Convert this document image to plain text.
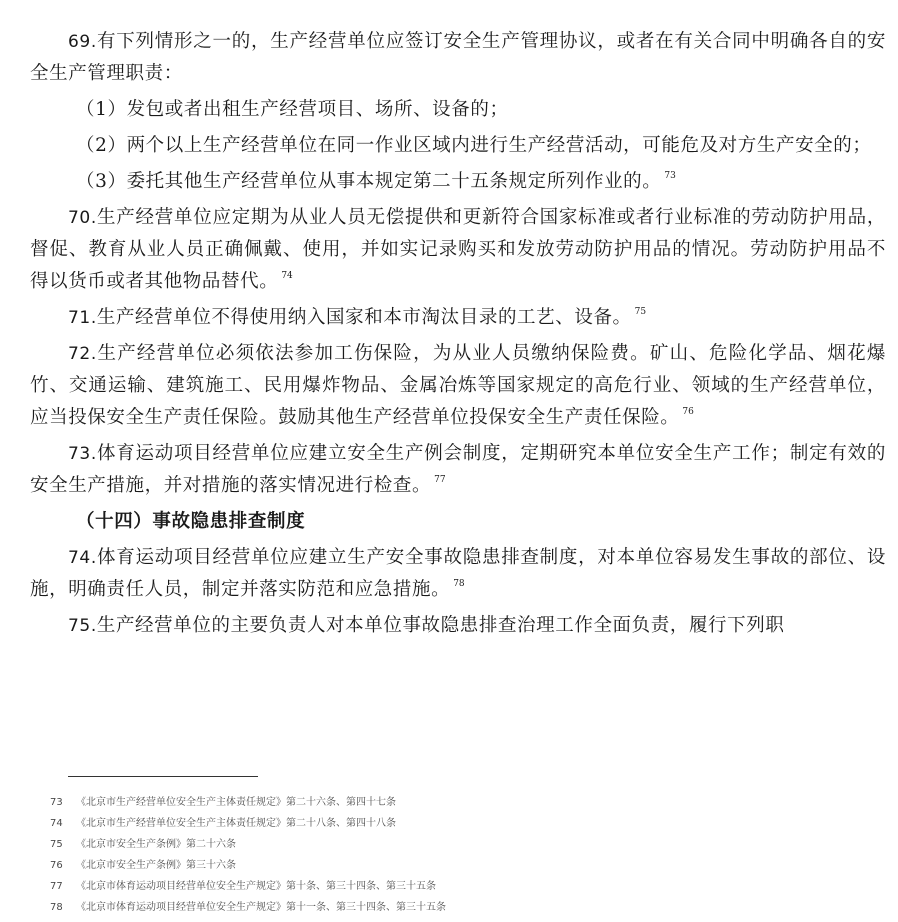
69.有下列情形之一的，生产经营单位应签订安全生产管理协议，或者在有关合同中明确各自的安全生产管理职责：
（1）发包或者出租生产经营项目、场所、设备的；
（2）两个以上生产经营单位在同一作业区域内进行生产经营活动，可能危及对方生产安全的；
（3）委托其他生产经营单位从事本规定第二十五条规定所列作业的。 $^{73}$
70.生产经营单位应定期为从业人员无偿提供和更新符合国家标准或者行业标准的劳动防护用品，督促、教育从业人员正确佩戴、使用，并如实记录购买和发放劳动防护用品的情况。劳动防护用品不得以货币或者其他物品替代。 $^{74}$
71.生产经营单位不得使用纳入国家和本市淘汰目录的工艺、设备。 $^{75}$
72.生产经营单位必须依法参加工伤保险，为从业人员缴纳保险费。矿山、危险化学品、烟花爆竹、交通运输、建筑施工、民用爆炸物品、金属冶炼等国家规定的高危行业、领域的生产经营单位，应当投保安全生产责任保险。鼓励其他生产经营单位投保安全生产责任保险。 $^{76}$
73.体育运动项目经营单位应建立安全生产例会制度，定期研究本单位安全生产工作；制定有效的安全生产措施，并对措施的落实情况进行检查。 $^{77}$
（十四）事故隐患排查制度
74.体育运动项目经营单位应建立生产安全事故隐患排查制度，对本单位容易发生事故的部位、设施，明确责任人员，制定并落实防范和应急措施。 $^{78}$
75.生产经营单位的主要负责人对本单位事故隐患排查治理工作全面负责，履行下列职
73 《北京市生产经营单位安全生产主体责任规定》第二十六条、第四十七条
74 《北京市生产经营单位安全生产主体责任规定》第二十八条、第四十八条
75 《北京市安全生产条例》第二十六条
76 《北京市安全生产条例》第三十六条
77 《北京市体育运动项目经营单位安全生产规定》第十条、第三十四条、第三十五条
78 《北京市体育运动项目经营单位安全生产规定》第十一条、第三十四条、第三十五条
